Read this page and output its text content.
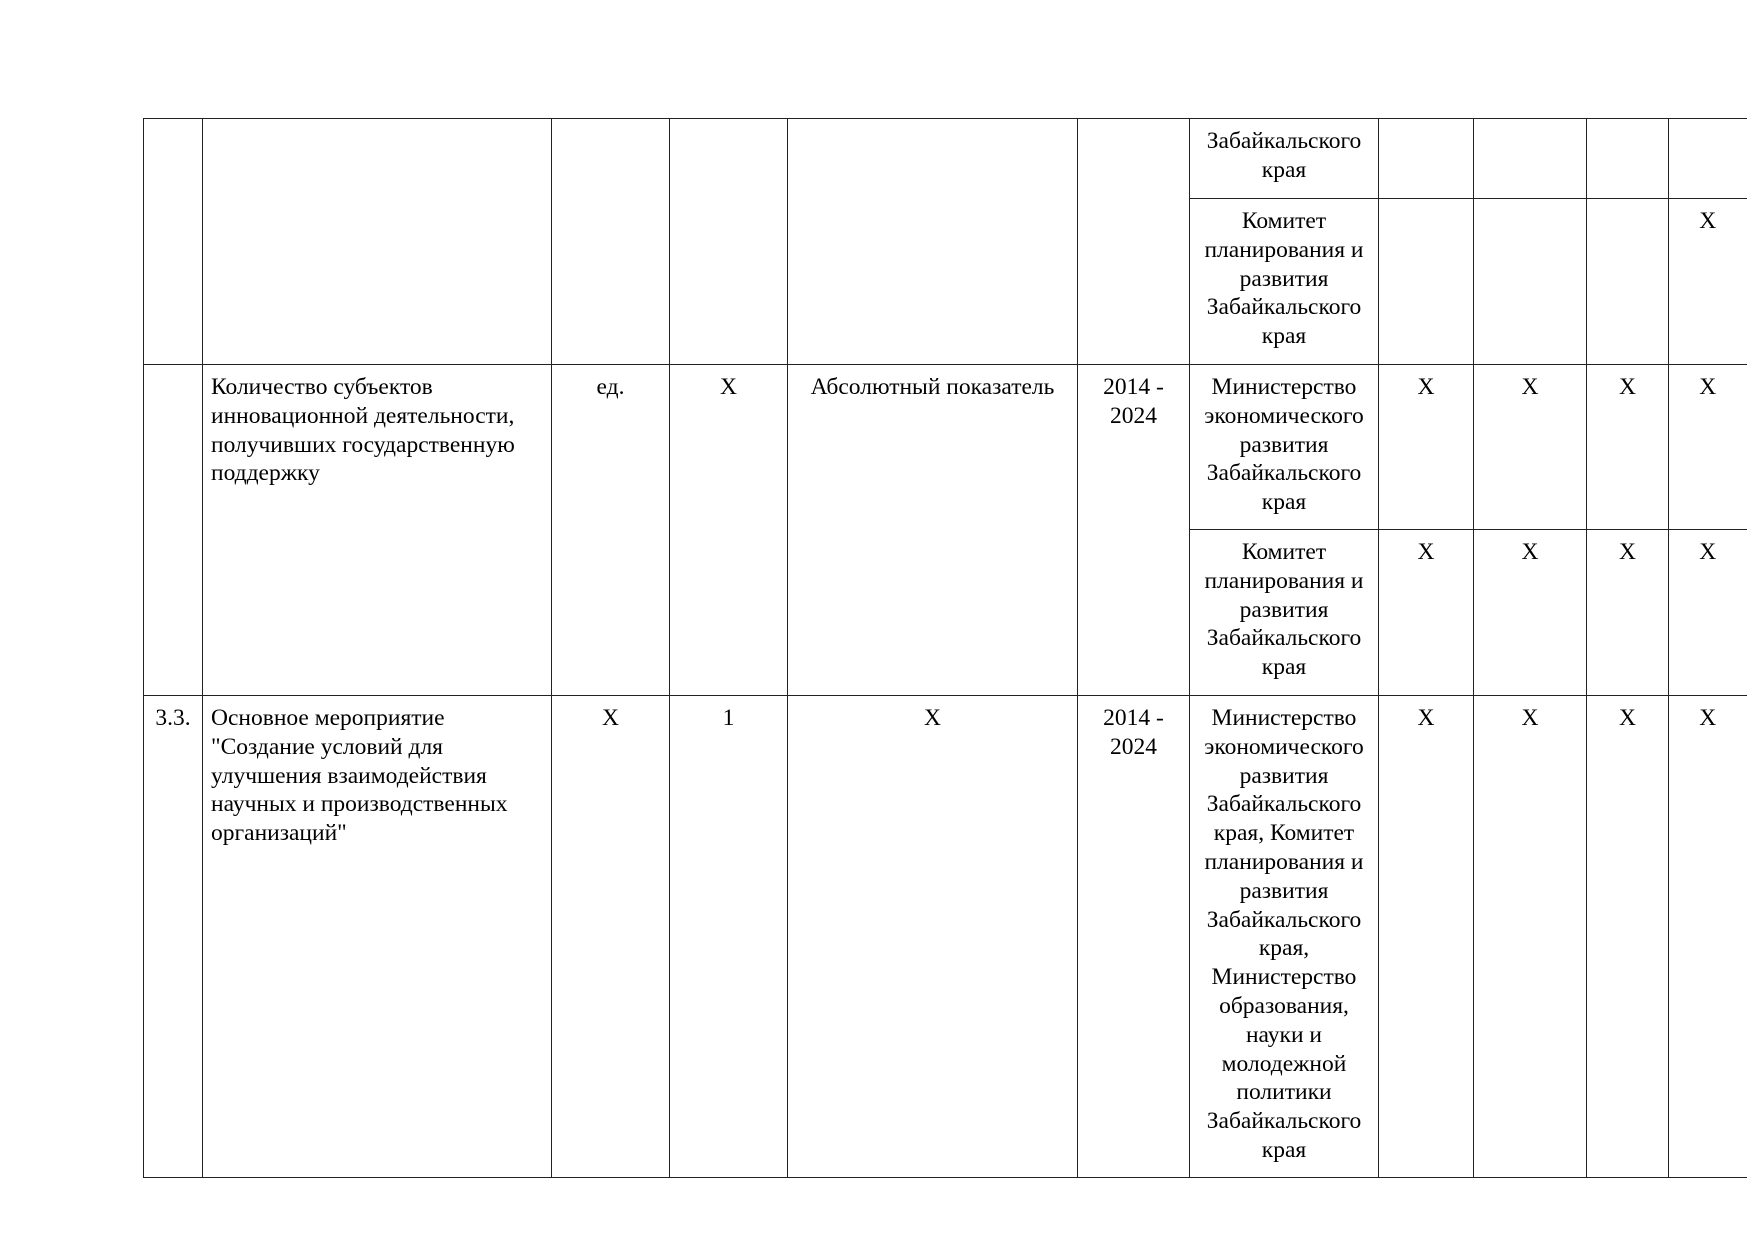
						Забайкальского края				
						Комитет планирования и развития Забайкальского края				X
	Количество субъектов инновационной деятельности, получивших государственную поддержку	ед.	X	Абсолютный показатель	2014 - 2024	Министерство экономического развития Забайкальского края	X	X	X	X
						Комитет планирования и развития Забайкальского края	X	X	X	X
3.3.	Основное мероприятие "Создание условий для улучшения взаимодействия научных и производственных организаций"	X	1	X	2014 - 2024	Министерство экономического развития Забайкальского края, Комитет планирования и развития Забайкальского края, Министерство образования, науки и молодежной политики Забайкальского края	X	X	X	X
